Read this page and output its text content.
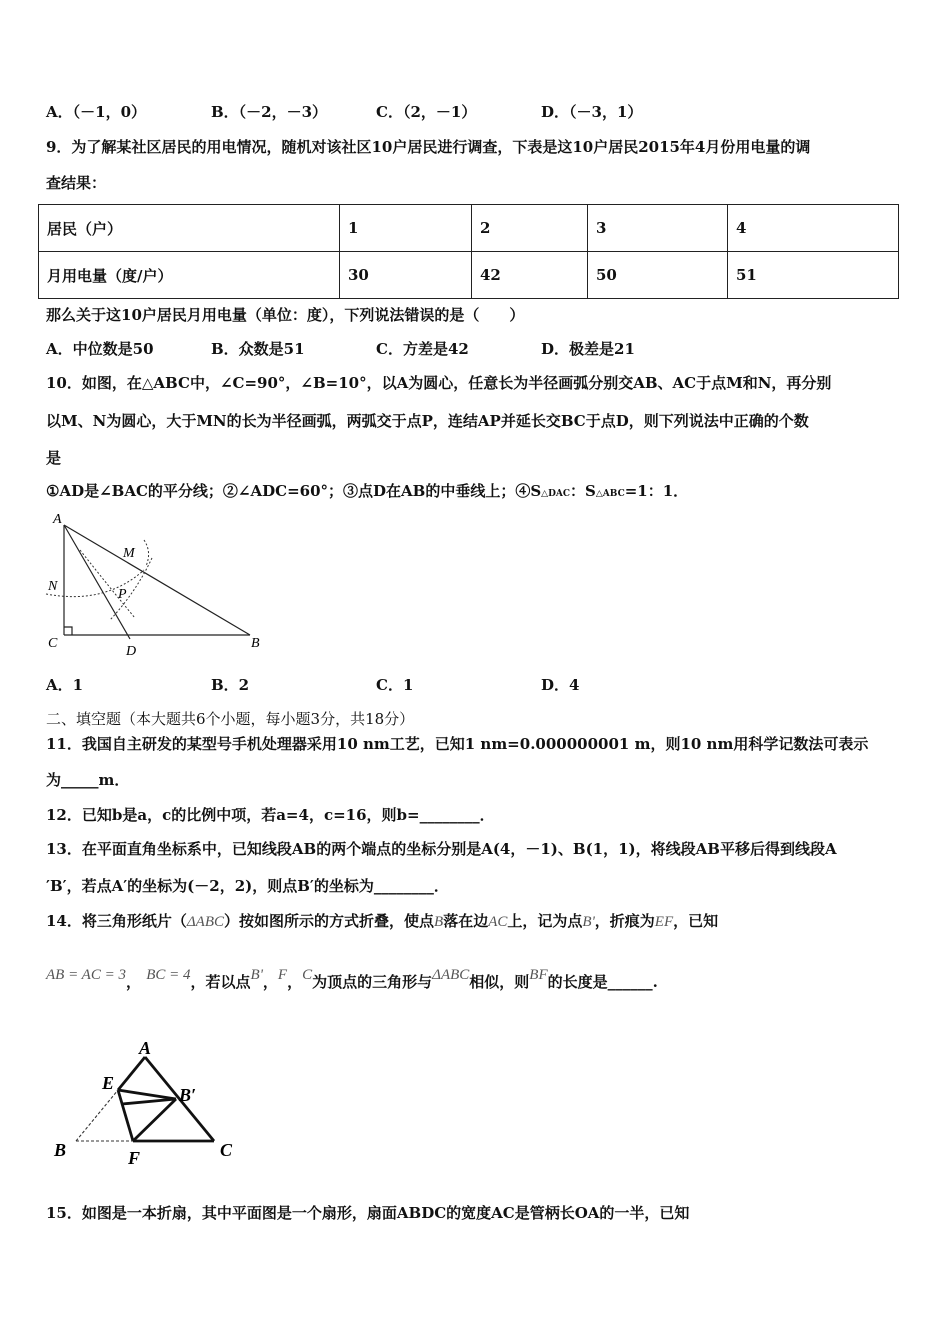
A．（－1，0）	B．（－2，－3）	C．（2，－1）	D．（－3，1）
9．为了解某社区居民的用电情况，随机对该社区10户居民进行调查，下表是这10户居民2015年4月份用电量的调
查结果：
居民（户）	1	2	3	4
月用电量（度/户）	30	42	50	51
那么关于这10户居民月用电量（单位：度），下列说法错误的是（　　）
A．中位数是50	B．众数是51	C．方差是42	D．极差是21
10．如图，在△ABC中，∠C=90°，∠B=10°，以A为圆心，任意长为半径画弧分别交AB、AC于点M和N，再分别
以M、N为圆心，大于MN的长为半径画弧，两弧交于点P，连结AP并延长交BC于点D，则下列说法中正确的个数
是
①AD是∠BAC的平分线；②∠ADC=60°；③点D在AB的中垂线上；④S△DAC：S△ABC=1：1．
A
M
N
P
C
D
B
A．1	B．2	C．1	D．4
二、填空题（本大题共6个小题，每小题3分，共18分）
11．我国自主研发的某型号手机处理器采用10 nm工艺，已知1 nm=0.000000001 m，则10 nm用科学记数法可表示
为_____m．
12．已知b是a，c的比例中项，若a=4，c=16，则b=________．
13．在平面直角坐标系中，已知线段AB的两个端点的坐标分别是A(4，－1)、B(1，1)，将线段AB平移后得到线段A
′B′，若点A′的坐标为(－2，2)，则点B′的坐标为________．
14．将三角形纸片（ΔABC）按如图所示的方式折叠，使点B落在边AC上，记为点B'，折痕为EF，已知
AB = AC = 3， BC = 4，若以点B'，F，C为顶点的三角形与ΔABC相似，则BF的长度是______.
A
E
B′
B	F	C
15．如图是一本折扇，其中平面图是一个扇形，扇面ABDC的宽度AC是管柄长OA的一半，已知
